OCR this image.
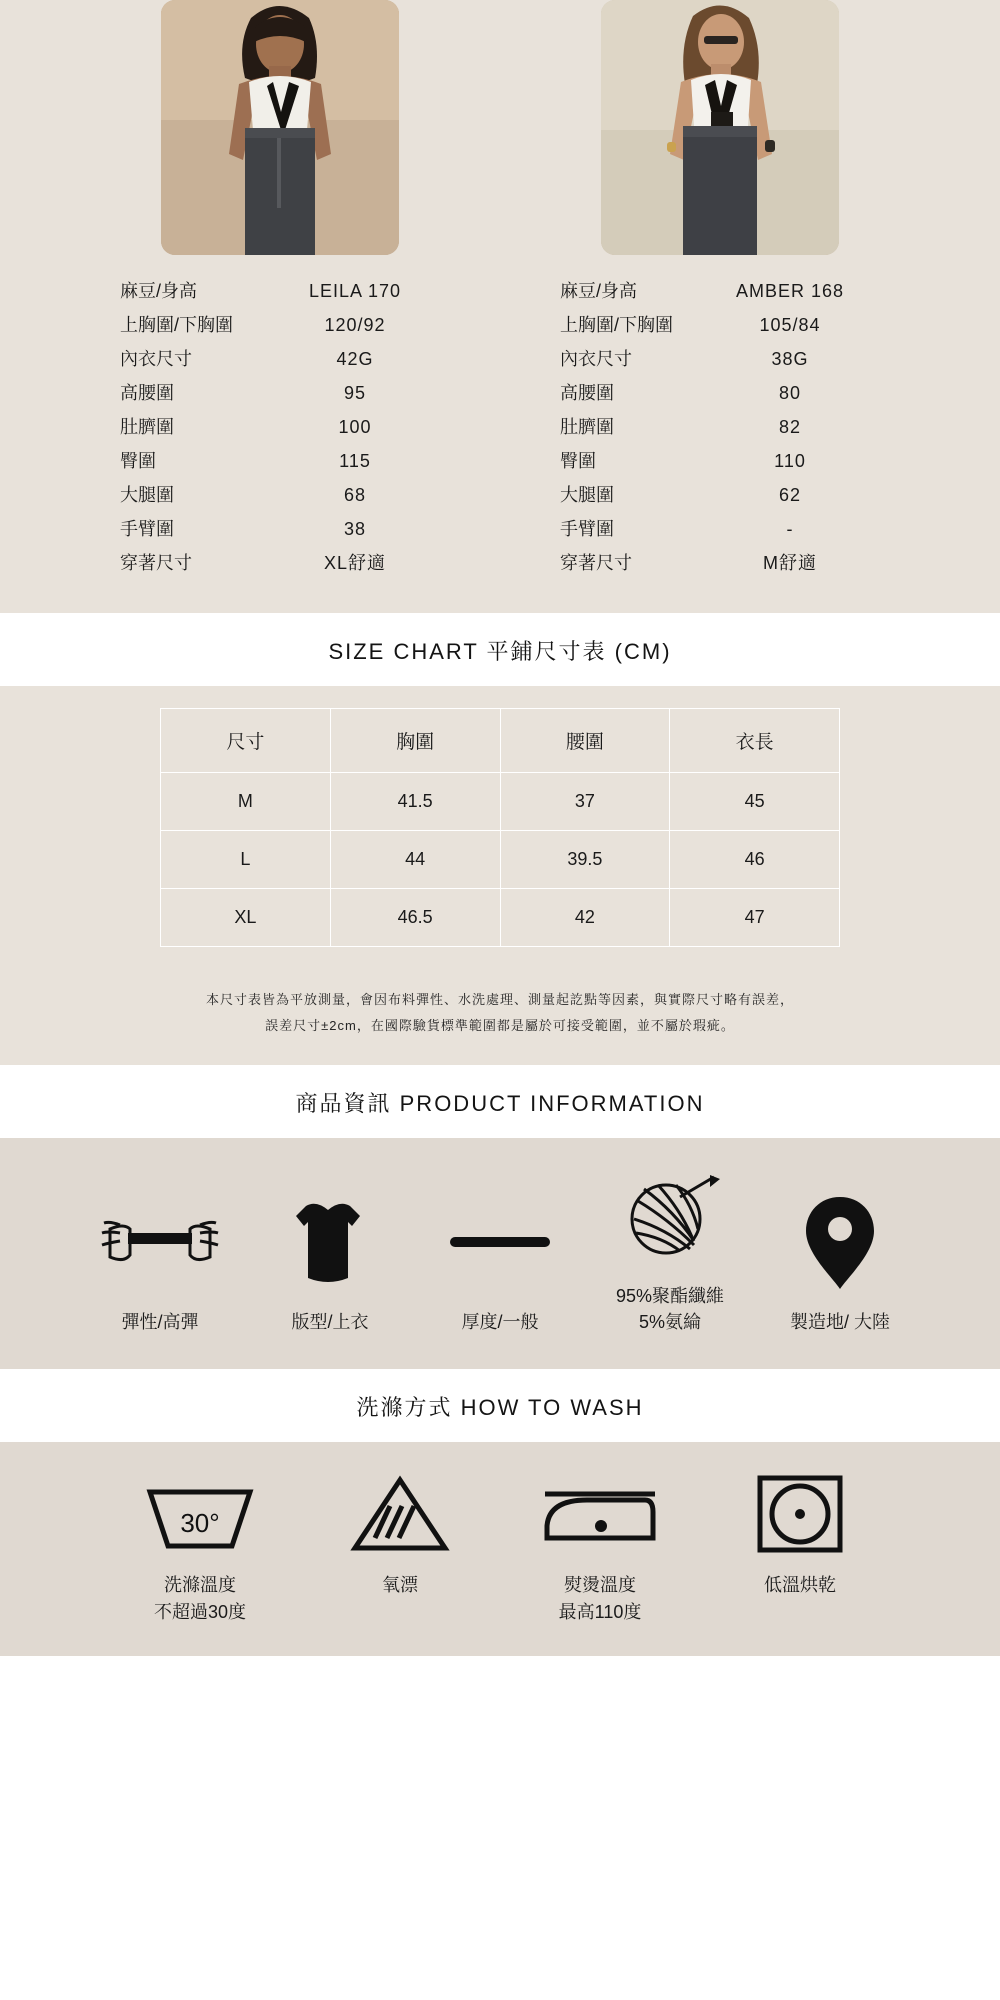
麻豆/身高	LEILA 170
上胸圍/下胸圍	120/92
內衣尺寸	42G
高腰圍	95
肚臍圍	100
臀圍	115
大腿圍	68
手臂圍	38
穿著尺寸	XL舒適
麻豆/身高	AMBER 168
上胸圍/下胸圍	105/84
內衣尺寸	38G
高腰圍	80
肚臍圍	82
臀圍	110
大腿圍	62
手臂圍	-
穿著尺寸	M舒適
SIZE CHART 平鋪尺寸表 (CM)
尺寸	胸圍	腰圍	衣長
M	41.5	37	45
L	44	39.5	46
XL	46.5	42	47
本尺寸表皆為平放測量，會因布料彈性、水洗處理、測量起訖點等因素，與實際尺寸略有誤差，
誤差尺寸±2cm，在國際驗貨標準範圍都是屬於可接受範圍，並不屬於瑕疵。
商品資訊 PRODUCT INFORMATION
彈性/高彈	版型/上衣	厚度/一般
95%聚酯纖維
5%氨綸	製造地/ 大陸
洗滌方式 HOW TO WASH
30°
洗滌溫度
不超過30度
氧漂	熨燙溫度
最高110度
低溫烘乾
